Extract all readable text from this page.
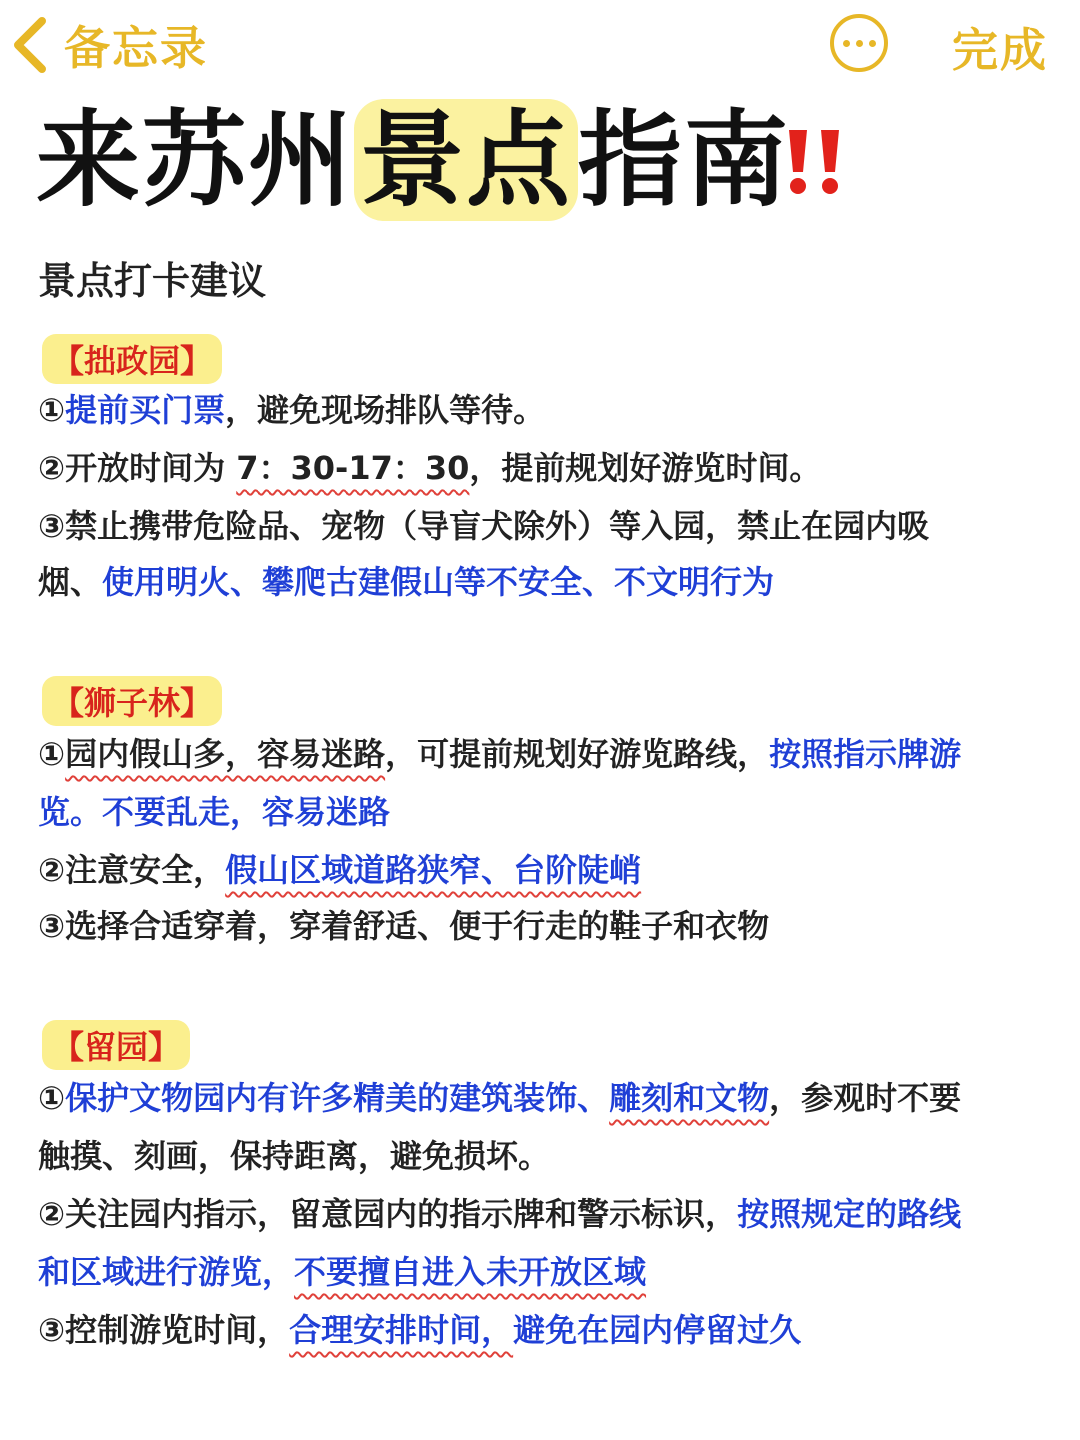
备忘录	完成
来苏州景点指南
景点打卡建议
【拙政园】
①提前买门票，避免现场排队等待。
②开放时间为 7：30-17：30，提前规划好游览时间。
③禁止携带危险品、宠物（导盲犬除外）等入园，禁止在园内吸
烟、使用明火、攀爬古建假山等不安全、不文明行为
【狮子林】
①园内假山多，容易迷路，可提前规划好游览路线，按照指示牌游
览。不要乱走，容易迷路
②注意安全，假山区域道路狭窄、台阶陡峭
③选择合适穿着，穿着舒适、便于行走的鞋子和衣物
【留园】
①保护文物园内有许多精美的建筑装饰、雕刻和文物，参观时不要
触摸、刻画，保持距离，避免损坏。
②关注园内指示，留意园内的指示牌和警示标识，按照规定的路线
和区域进行游览，不要擅自进入未开放区域
③控制游览时间，合理安排时间，避免在园内停留过久
